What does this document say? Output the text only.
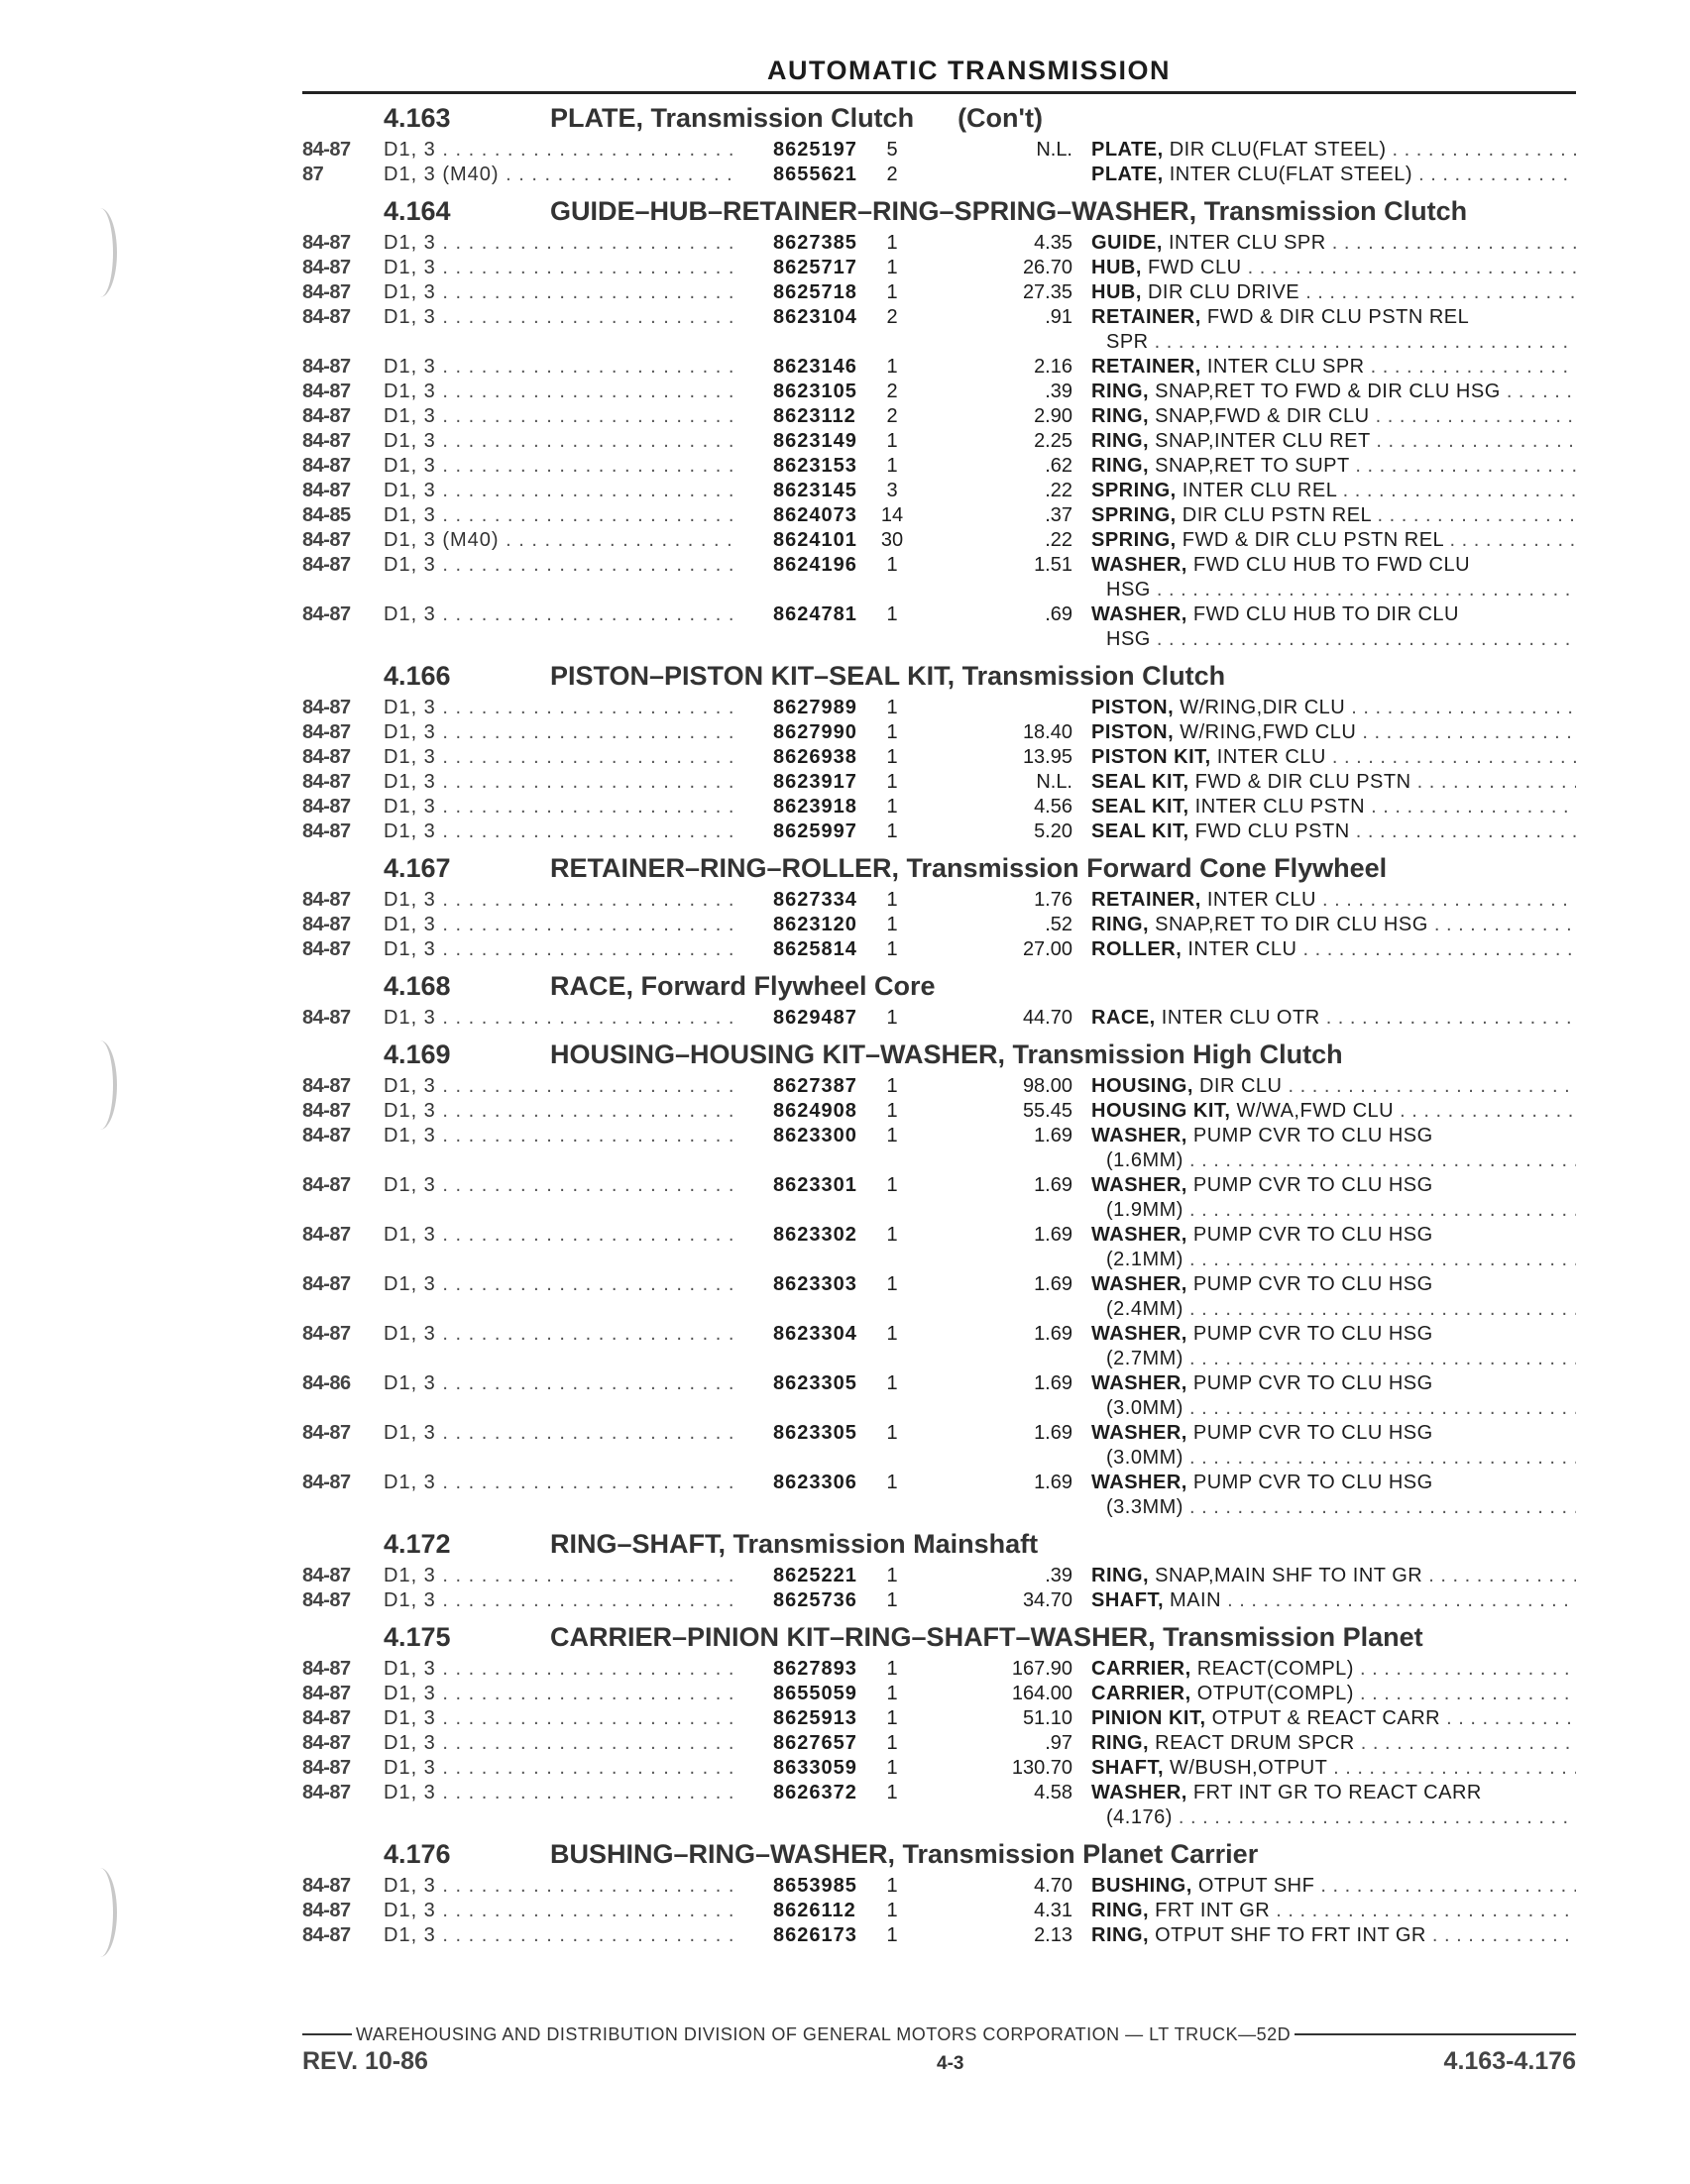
AUTOMATIC TRANSMISSION
4.163	PLATE, Transmission Clutch (Con't)
84-87 D1, 3 . . .	8625197	5	N.L. PLATE, DIR CLU(FLAT STEEL) . . .
87	D1, 3 (M40) . . .	8655621	2	PLATE, INTER CLU(FLAT STEEL) . . .
4.164	GUIDE–HUB–RETAINER–RING–SPRING–WASHER, Transmission Clutch
84-87 D1, 3 . . .	8627385	1	4.35 GUIDE, INTER CLU SPR . . .
84-87 D1, 3 . . .	8625717	1	26.70 HUB, FWD CLU . . .
84-87 D1, 3 . . .	8625718	1	27.35 HUB, DIR CLU DRIVE . . .
84-87 D1, 3 . . .	8623104	2	.91 RETAINER, FWD & DIR CLU PSTN REL
SPR . . .
84-87 D1, 3 . . .	8623146	1	2.16 RETAINER, INTER CLU SPR . . .
84-87 D1, 3 . . .	8623105	2	.39 RING, SNAP,RET TO FWD & DIR CLU HSG . . .
84-87 D1, 3 . . .	8623112	2	2.90 RING, SNAP,FWD & DIR CLU . . .
84-87 D1, 3 . . .	8623149	1	2.25 RING, SNAP,INTER CLU RET . . .
84-87 D1, 3 . . .	8623153	1	.62 RING, SNAP,RET TO SUPT . . .
84-87 D1, 3 . . .	8623145	3	.22 SPRING, INTER CLU REL . . .
84-85 D1, 3 . . .	8624073	14	.37 SPRING, DIR CLU PSTN REL . . .
84-87 D1, 3 (M40) . . .	8624101	30	.22 SPRING, FWD & DIR CLU PSTN REL . . .
84-87 D1, 3 . . .	8624196	1	1.51 WASHER, FWD CLU HUB TO FWD CLU
HSG . . .
84-87 D1, 3 . . .	8624781	1	.69 WASHER, FWD CLU HUB TO DIR CLU
HSG . . .
4.166	PISTON–PISTON KIT–SEAL KIT, Transmission Clutch
84-87 D1, 3 . . .	8627989	1	PISTON, W/RING,DIR CLU . . .
84-87 D1, 3 . . .	8627990	1	18.40 PISTON, W/RING,FWD CLU . . .
84-87 D1, 3 . . .	8626938	1	13.95 PISTON KIT, INTER CLU . . .
84-87 D1, 3 . . .	8623917	1	N.L. SEAL KIT, FWD & DIR CLU PSTN . . .
84-87 D1, 3 . . .	8623918	1	4.56 SEAL KIT, INTER CLU PSTN . . .
84-87 D1, 3 . . .	8625997	1	5.20 SEAL KIT, FWD CLU PSTN . . .
4.167	RETAINER–RING–ROLLER, Transmission Forward Cone Flywheel
84-87 D1, 3 . . .	8627334	1	1.76 RETAINER, INTER CLU . . .
84-87 D1, 3 . . .	8623120	1	.52 RING, SNAP,RET TO DIR CLU HSG . . .
84-87 D1, 3 . . .	8625814	1	27.00 ROLLER, INTER CLU . . .
4.168	RACE, Forward Flywheel Core
84-87 D1, 3 . . .	8629487	1	44.70 RACE, INTER CLU OTR . . .
4.169	HOUSING–HOUSING KIT–WASHER, Transmission High Clutch
84-87 D1, 3 . . .	8627387	1	98.00 HOUSING, DIR CLU . . .
84-87 D1, 3 . . .	8624908	1	55.45 HOUSING KIT, W/WA,FWD CLU . . .
84-87 D1, 3 . . .	8623300	1	1.69 WASHER, PUMP CVR TO CLU HSG
(1.6MM) . . .
84-87 D1, 3 . . .	8623301	1	1.69 WASHER, PUMP CVR TO CLU HSG
(1.9MM) . . .
84-87 D1, 3 . . .	8623302	1	1.69 WASHER, PUMP CVR TO CLU HSG
(2.1MM) . . .
84-87 D1, 3 . . .	8623303	1	1.69 WASHER, PUMP CVR TO CLU HSG
(2.4MM) . . .
84-87 D1, 3 . . .	8623304	1	1.69 WASHER, PUMP CVR TO CLU HSG
(2.7MM) . . .
84-86 D1, 3 . . .	8623305	1	1.69 WASHER, PUMP CVR TO CLU HSG
(3.0MM) . . .
84-87 D1, 3 . . .	8623305	1	1.69 WASHER, PUMP CVR TO CLU HSG
(3.0MM) . . .
84-87 D1, 3 . . .	8623306	1	1.69 WASHER, PUMP CVR TO CLU HSG
(3.3MM) . . .
4.172	RING–SHAFT, Transmission Mainshaft
84-87 D1, 3 . . .	8625221	1	.39 RING, SNAP,MAIN SHF TO INT GR . . .
84-87 D1, 3 . . .	8625736	1	34.70 SHAFT, MAIN . . .
4.175	CARRIER–PINION KIT–RING–SHAFT–WASHER, Transmission Planet
84-87 D1, 3 . . .	8627893	1	167.90 CARRIER, REACT(COMPL) . . .
84-87 D1, 3 . . .	8655059	1	164.00 CARRIER, OTPUT(COMPL) . . .
84-87 D1, 3 . . .	8625913	1	51.10 PINION KIT, OTPUT & REACT CARR . . .
84-87 D1, 3 . . .	8627657	1	.97 RING, REACT DRUM SPCR . . .
84-87 D1, 3 . . .	8633059	1	130.70 SHAFT, W/BUSH,OTPUT . . .
84-87 D1, 3 . . .	8626372	1	4.58 WASHER, FRT INT GR TO REACT CARR
(4.176) . . .
4.176	BUSHING–RING–WASHER, Transmission Planet Carrier
84-87 D1, 3 . . .	8653985	1	4.70 BUSHING, OTPUT SHF . . .
84-87 D1, 3 . . .	8626112	1	4.31 RING, FRT INT GR . . .
84-87 D1, 3 . . .	8626173	1	2.13 RING, OTPUT SHF TO FRT INT GR . . .
WAREHOUSING AND DISTRIBUTION DIVISION OF GENERAL MOTORS CORPORATION — LT TRUCK—52D
REV. 10-86	4-3	4.163-4.176
